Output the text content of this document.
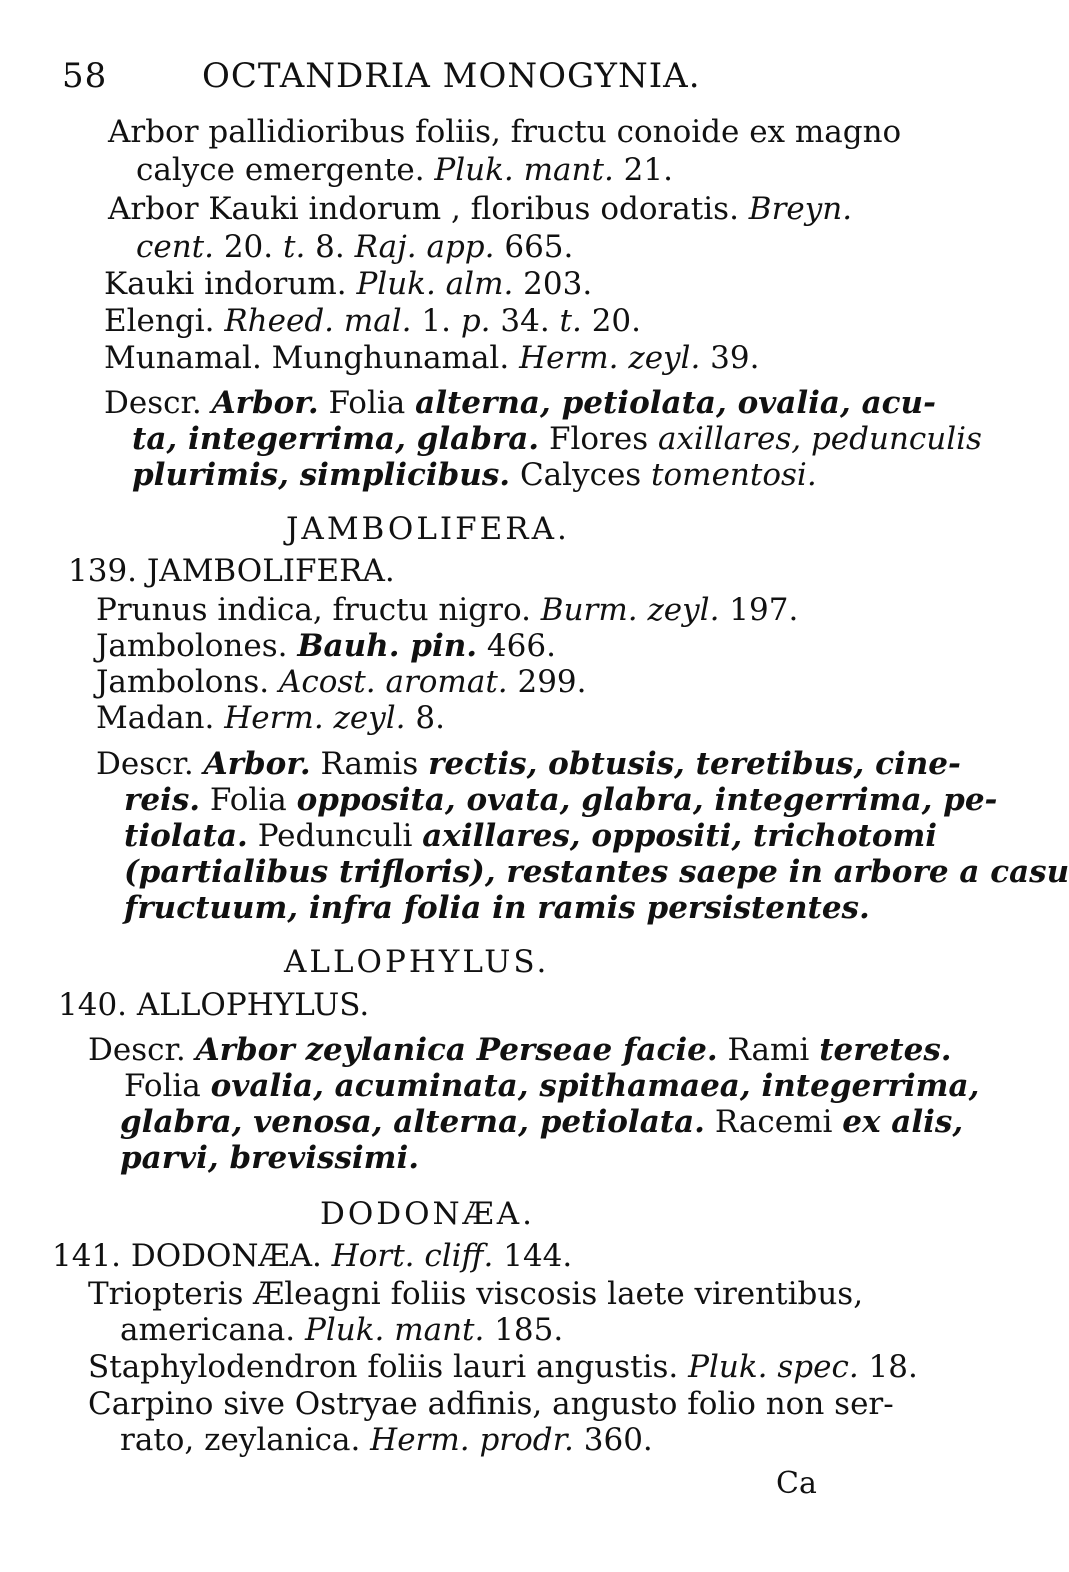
58	OCTANDRIA MONOGYNIA.
Arbor pallidioribus foliis, fructu conoide ex magno
calyce emergente. Pluk. mant. 21.
Arbor Kauki indorum , floribus odoratis. Breyn.
cent. 20. t. 8. Raj. app. 665.
Kauki indorum. Pluk. alm. 203.
Elengi. Rheed. mal. 1. p. 34. t. 20.
Munamal. Munghunamal. Herm. zeyl. 39.
Descr. Arbor. Folia alterna, petiolata, ovalia, acu-
ta, integerrima, glabra. Flores axillares, pedunculis
plurimis, simplicibus. Calyces tomentosi.
JAMBOLIFERA.
139. JAMBOLIFERA.
Prunus indica, fructu nigro. Burm. zeyl. 197.
Jambolones. Bauh. pin. 466.
Jambolons. Acost. aromat. 299.
Madan. Herm. zeyl. 8.
Descr. Arbor. Ramis rectis, obtusis, teretibus, cine-
reis. Folia opposita, ovata, glabra, integerrima, pe-
tiolata. Pedunculi axillares, oppositi, trichotomi
(partialibus trifloris), restantes saepe in arbore a casu
fructuum, infra folia in ramis persistentes.
ALLOPHYLUS.
140. ALLOPHYLUS.
Descr. Arbor zeylanica Perseae facie. Rami teretes.
Folia ovalia, acuminata, spithamaea, integerrima,
glabra, venosa, alterna, petiolata. Racemi ex alis,
parvi, brevissimi.
DODONÆA.
141. DODONÆA. Hort. cliff. 144.
Triopteris Æleagni foliis viscosis laete virentibus,
americana. Pluk. mant. 185.
Staphylodendron foliis lauri angustis. Pluk. spec. 18.
Carpino sive Ostryae adfinis, angusto folio non ser-
rato, zeylanica. Herm. prodr. 360.
Ca
